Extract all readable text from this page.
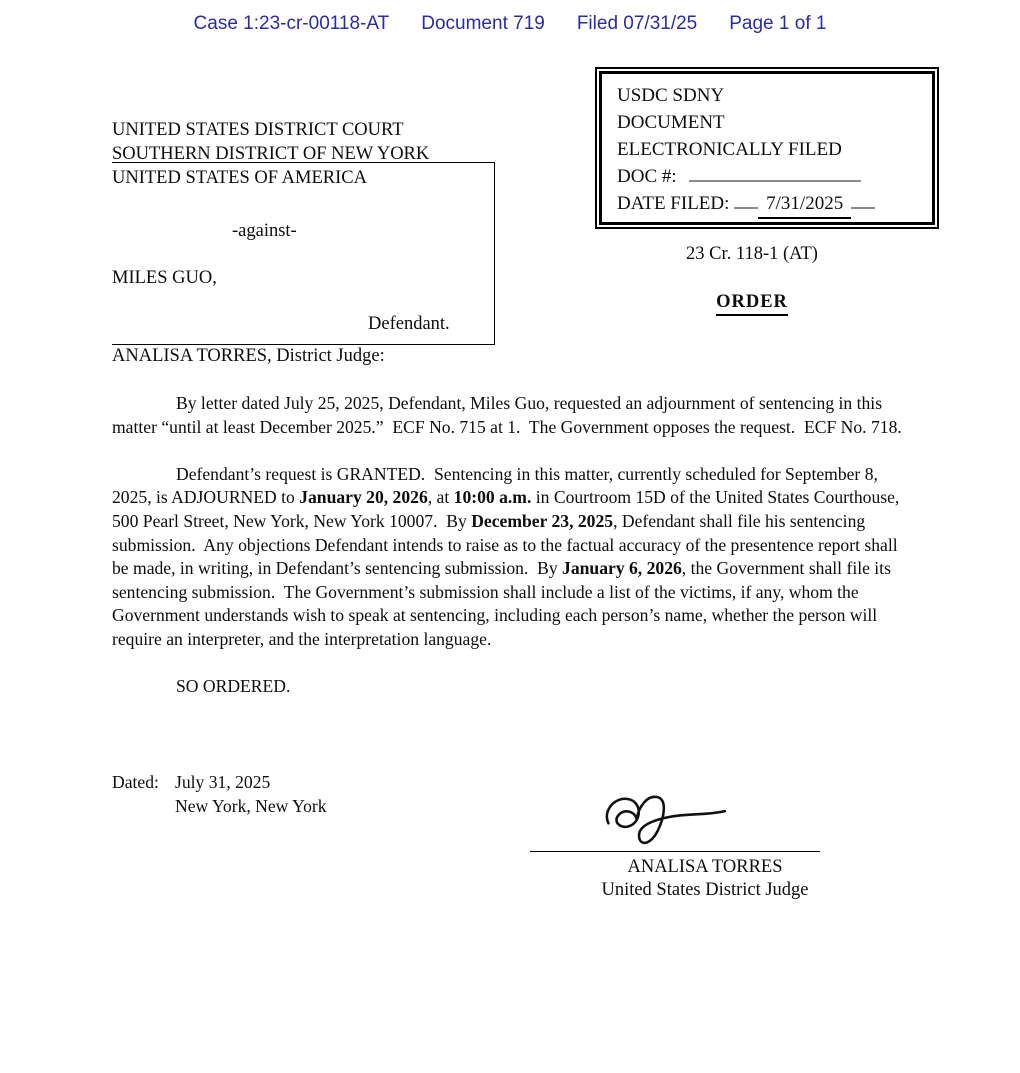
Case 1:23-cr-00118-AT Document 719 Filed 07/31/25 Page 1 of 1
USDC SDNY
DOCUMENT
ELECTRONICALLY FILED
DOC #:
DATE FILED: 7/31/2025
UNITED STATES DISTRICT COURT
SOUTHERN DISTRICT OF NEW YORK
UNITED STATES OF AMERICA
-against-
MILES GUO,
Defendant.
23 Cr. 118-1 (AT)
ORDER
ANALISA TORRES, District Judge:

By letter dated July 25, 2025, Defendant, Miles Guo, requested an adjournment of sentencing in this matter “until at least December 2025.”  ECF No. 715 at 1.  The Government opposes the request.  ECF No. 718.

Defendant’s request is GRANTED.  Sentencing in this matter, currently scheduled for September 8, 2025, is ADJOURNED to January 20, 2026, at 10:00 a.m. in Courtroom 15D of the United States Courthouse, 500 Pearl Street, New York, New York 10007.  By December 23, 2025, Defendant shall file his sentencing submission.  Any objections Defendant intends to raise as to the factual accuracy of the presentence report shall be made, in writing, in Defendant’s sentencing submission.  By January 6, 2026, the Government shall file its sentencing submission.  The Government’s submission shall include a list of the victims, if any, whom the Government understands wish to speak at sentencing, including each person’s name, whether the person will require an interpreter, and the interpretation language.

SO ORDERED.
Dated: July 31, 2025
New York, New York
ANALISA TORRES
United States District Judge
